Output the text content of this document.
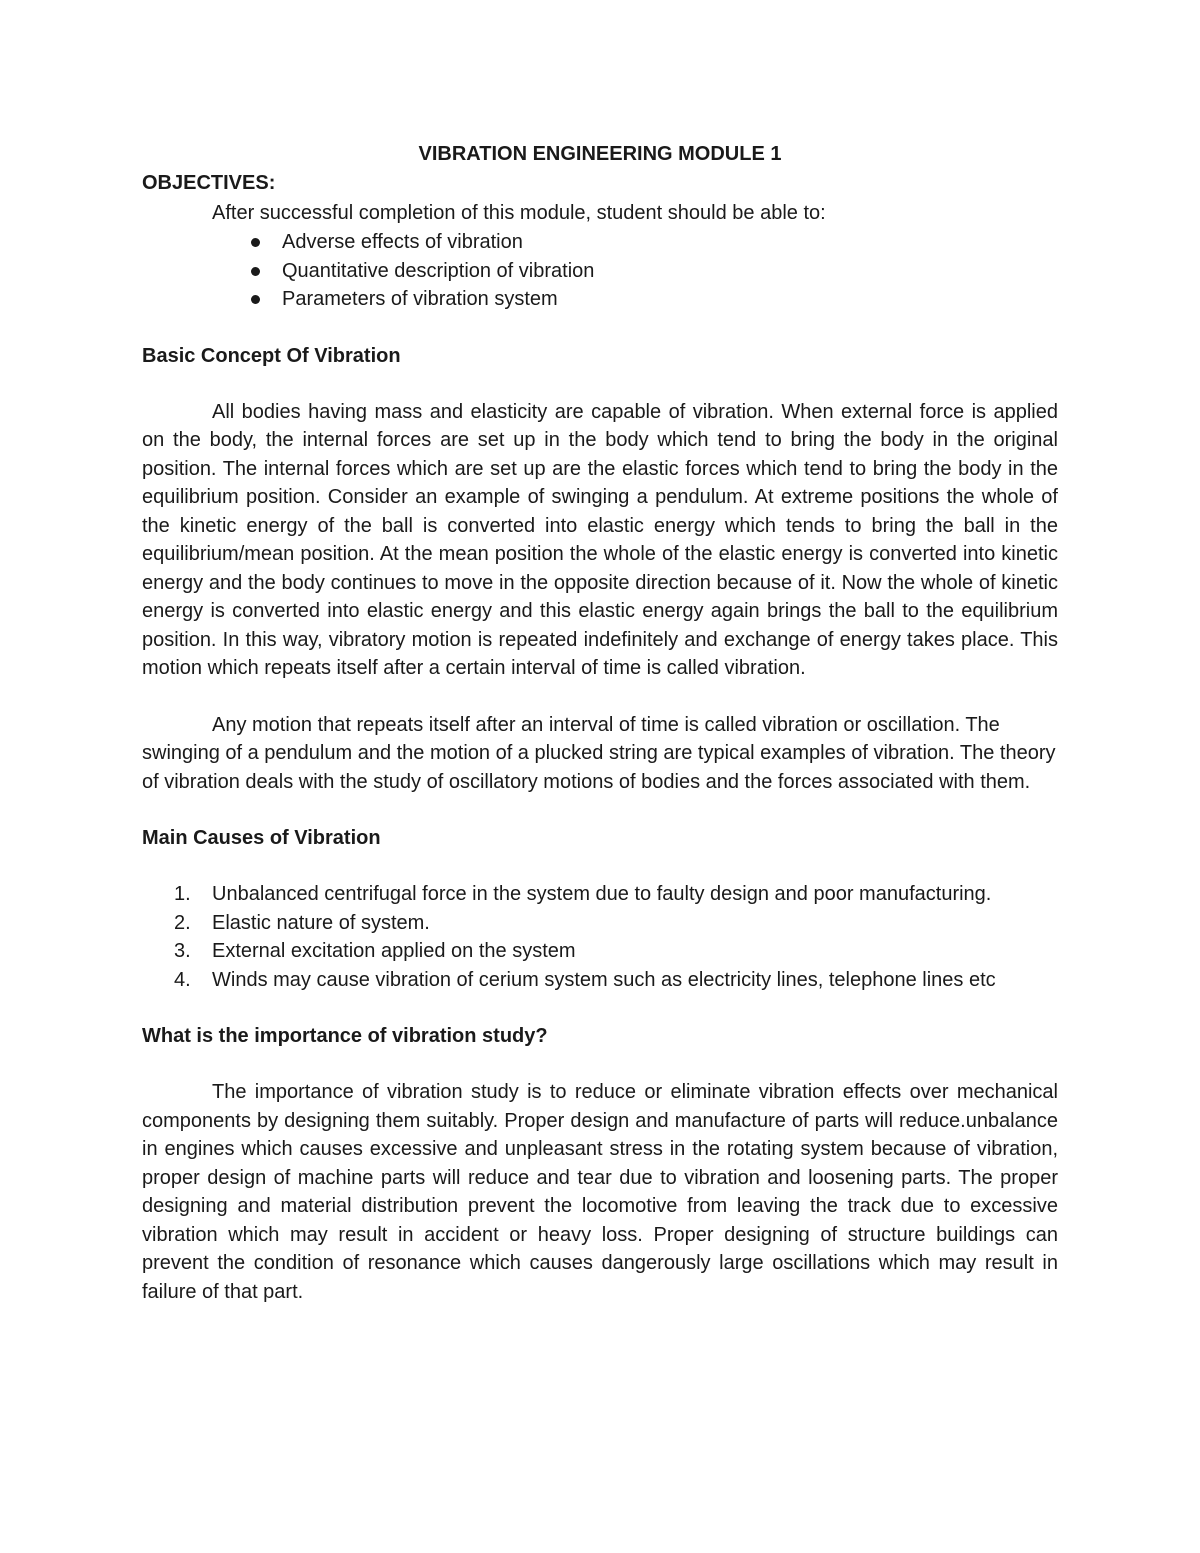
VIBRATION ENGINEERING MODULE 1

OBJECTIVES:

After successful completion of this module, student should be able to:

Adverse effects of vibration
Quantitative description of vibration
Parameters of vibration system

Basic Concept Of Vibration

All bodies having mass and elasticity are capable of vibration. When external force is applied on the body, the internal forces are set up in the body which tend to bring the body in the original position. The internal forces which are set up are the elastic forces which tend to bring the body in the equilibrium position. Consider an example of swinging a pendulum. At extreme positions the whole of the kinetic energy of the ball is converted into elastic energy which tends to bring the ball in the equilibrium/mean position. At the mean position the whole of the elastic energy is converted into kinetic energy and the body continues to move in the opposite direction because of it. Now the whole of kinetic energy is converted into elastic energy and this elastic energy again brings the ball to the equilibrium position. In this way, vibratory motion is repeated indefinitely and exchange of energy takes place. This motion which repeats itself after a certain interval of time is called vibration.

Any motion that repeats itself after an interval of time is called vibration or oscillation. The swinging of a pendulum and the motion of a plucked string are typical examples of vibration. The theory of vibration deals with the study of oscillatory motions of bodies and the forces associated with them.

Main Causes of Vibration

1. Unbalanced centrifugal force in the system due to faulty design and poor manufacturing.
2. Elastic nature of system.
3. External excitation applied on the system
4. Winds may cause vibration of cerium system such as electricity lines, telephone lines etc

What is the importance of vibration study?

The importance of vibration study is to reduce or eliminate vibration effects over mechanical components by designing them suitably. Proper design and manufacture of parts will reduce.unbalance in engines which causes excessive and unpleasant stress in the rotating system because of vibration, proper design of machine parts will reduce and tear due to vibration and loosening parts. The proper designing and material distribution prevent the locomotive from leaving the track due to excessive vibration which may result in accident or heavy loss. Proper designing of structure buildings can prevent the condition of resonance which causes dangerously large oscillations which may result in failure of that part.
